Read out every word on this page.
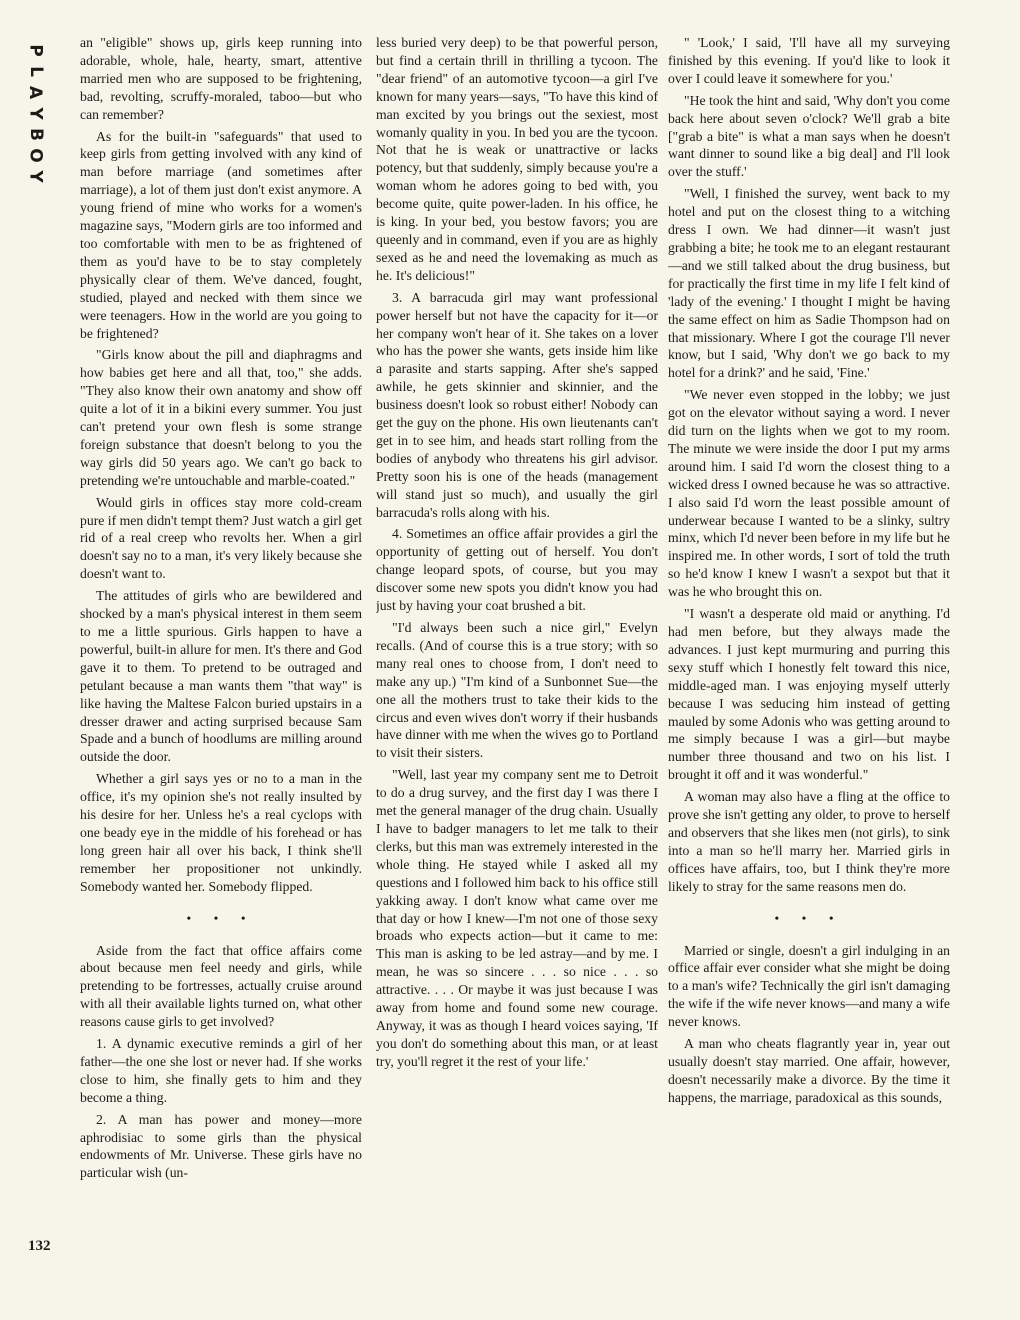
P
L
A
Y
B
O
Y
132

an "eligible" shows up, girls keep running into adorable, whole, hale, hearty, smart, attentive married men who are supposed to be frightening, bad, revolting, scruffy-moraled, taboo—but who can remember?

As for the built-in "safeguards" that used to keep girls from getting involved with any kind of man before marriage (and sometimes after marriage), a lot of them just don't exist anymore. A young friend of mine who works for a women's magazine says, "Modern girls are too informed and too comfortable with men to be as frightened of them as you'd have to be to stay completely physically clear of them. We've danced, fought, studied, played and necked with them since we were teenagers. How in the world are you going to be frightened?

"Girls know about the pill and diaphragms and how babies get here and all that, too," she adds. "They also know their own anatomy and show off quite a lot of it in a bikini every summer. You just can't pretend your own flesh is some strange foreign substance that doesn't belong to you the way girls did 50 years ago. We can't go back to pretending we're untouchable and marble-coated."

Would girls in offices stay more cold-cream pure if men didn't tempt them? Just watch a girl get rid of a real creep who revolts her. When a girl doesn't say no to a man, it's very likely because she doesn't want to.

The attitudes of girls who are bewildered and shocked by a man's physical interest in them seem to me a little spurious. Girls happen to have a powerful, built-in allure for men. It's there and God gave it to them. To pretend to be outraged and petulant because a man wants them "that way" is like having the Maltese Falcon buried upstairs in a dresser drawer and acting surprised because Sam Spade and a bunch of hoodlums are milling around outside the door.

Whether a girl says yes or no to a man in the office, it's my opinion she's not really insulted by his desire for her. Unless he's a real cyclops with one beady eye in the middle of his forehead or has long green hair all over his back, I think she'll remember her propositioner not unkindly. Somebody wanted her. Somebody flipped.

• • •

Aside from the fact that office affairs come about because men feel needy and girls, while pretending to be fortresses, actually cruise around with all their available lights turned on, what other reasons cause girls to get involved?

1. A dynamic executive reminds a girl of her father—the one she lost or never had. If she works close to him, she finally gets to him and they become a thing.

2. A man has power and money—more aphrodisiac to some girls than the physical endowments of Mr. Universe. These girls have no particular wish (un-

less buried very deep) to be that powerful person, but find a certain thrill in thrilling a tycoon. The "dear friend" of an automotive tycoon—a girl I've known for many years—says, "To have this kind of man excited by you brings out the sexiest, most womanly quality in you. In bed you are the tycoon. Not that he is weak or unattractive or lacks potency, but that suddenly, simply because you're a woman whom he adores going to bed with, you become quite, quite power-laden. In his office, he is king. In your bed, you bestow favors; you are queenly and in command, even if you are as highly sexed as he and need the lovemaking as much as he. It's delicious!"

3. A barracuda girl may want professional power herself but not have the capacity for it—or her company won't hear of it. She takes on a lover who has the power she wants, gets inside him like a parasite and starts sapping. After she's sapped awhile, he gets skinnier and skinnier, and the business doesn't look so robust either! Nobody can get the guy on the phone. His own lieutenants can't get in to see him, and heads start rolling from the bodies of anybody who threatens his girl advisor. Pretty soon his is one of the heads (management will stand just so much), and usually the girl barracuda's rolls along with his.

4. Sometimes an office affair provides a girl the opportunity of getting out of herself. You don't change leopard spots, of course, but you may discover some new spots you didn't know you had just by having your coat brushed a bit.

"I'd always been such a nice girl," Evelyn recalls. (And of course this is a true story; with so many real ones to choose from, I don't need to make any up.) "I'm kind of a Sunbonnet Sue—the one all the mothers trust to take their kids to the circus and even wives don't worry if their husbands have dinner with me when the wives go to Portland to visit their sisters.

"Well, last year my company sent me to Detroit to do a drug survey, and the first day I was there I met the general manager of the drug chain. Usually I have to badger managers to let me talk to their clerks, but this man was extremely interested in the whole thing. He stayed while I asked all my questions and I followed him back to his office still yakking away. I don't know what came over me that day or how I knew—I'm not one of those sexy broads who expects action—but it came to me: This man is asking to be led astray—and by me. I mean, he was so sincere . . . so nice . . . so attractive. . . . Or maybe it was just because I was away from home and found some new courage. Anyway, it was as though I heard voices saying, 'If you don't do something about this man, or at least try, you'll regret it the rest of your life.'

" 'Look,' I said, 'I'll have all my surveying finished by this evening. If you'd like to look it over I could leave it somewhere for you.'

"He took the hint and said, 'Why don't you come back here about seven o'clock? We'll grab a bite ["grab a bite" is what a man says when he doesn't want dinner to sound like a big deal] and I'll look over the stuff.'

"Well, I finished the survey, went back to my hotel and put on the closest thing to a witching dress I own. We had dinner—it wasn't just grabbing a bite; he took me to an elegant restaurant—and we still talked about the drug business, but for practically the first time in my life I felt kind of 'lady of the evening.' I thought I might be having the same effect on him as Sadie Thompson had on that missionary. Where I got the courage I'll never know, but I said, 'Why don't we go back to my hotel for a drink?' and he said, 'Fine.'

"We never even stopped in the lobby; we just got on the elevator without saying a word. I never did turn on the lights when we got to my room. The minute we were inside the door I put my arms around him. I said I'd worn the closest thing to a wicked dress I owned because he was so attractive. I also said I'd worn the least possible amount of underwear because I wanted to be a slinky, sultry minx, which I'd never been before in my life but he inspired me. In other words, I sort of told the truth so he'd know I knew I wasn't a sexpot but that it was he who brought this on.

"I wasn't a desperate old maid or anything. I'd had men before, but they always made the advances. I just kept murmuring and purring this sexy stuff which I honestly felt toward this nice, middle-aged man. I was enjoying myself utterly because I was seducing him instead of getting mauled by some Adonis who was getting around to me simply because I was a girl—but maybe number three thousand and two on his list. I brought it off and it was wonderful."

A woman may also have a fling at the office to prove she isn't getting any older, to prove to herself and observers that she likes men (not girls), to sink into a man so he'll marry her. Married girls in offices have affairs, too, but I think they're more likely to stray for the same reasons men do.

• • •

Married or single, doesn't a girl indulging in an office affair ever consider what she might be doing to a man's wife? Technically the girl isn't damaging the wife if the wife never knows—and many a wife never knows.

A man who cheats flagrantly year in, year out usually doesn't stay married. One affair, however, doesn't necessarily make a divorce. By the time it happens, the marriage, paradoxical as this sounds,
